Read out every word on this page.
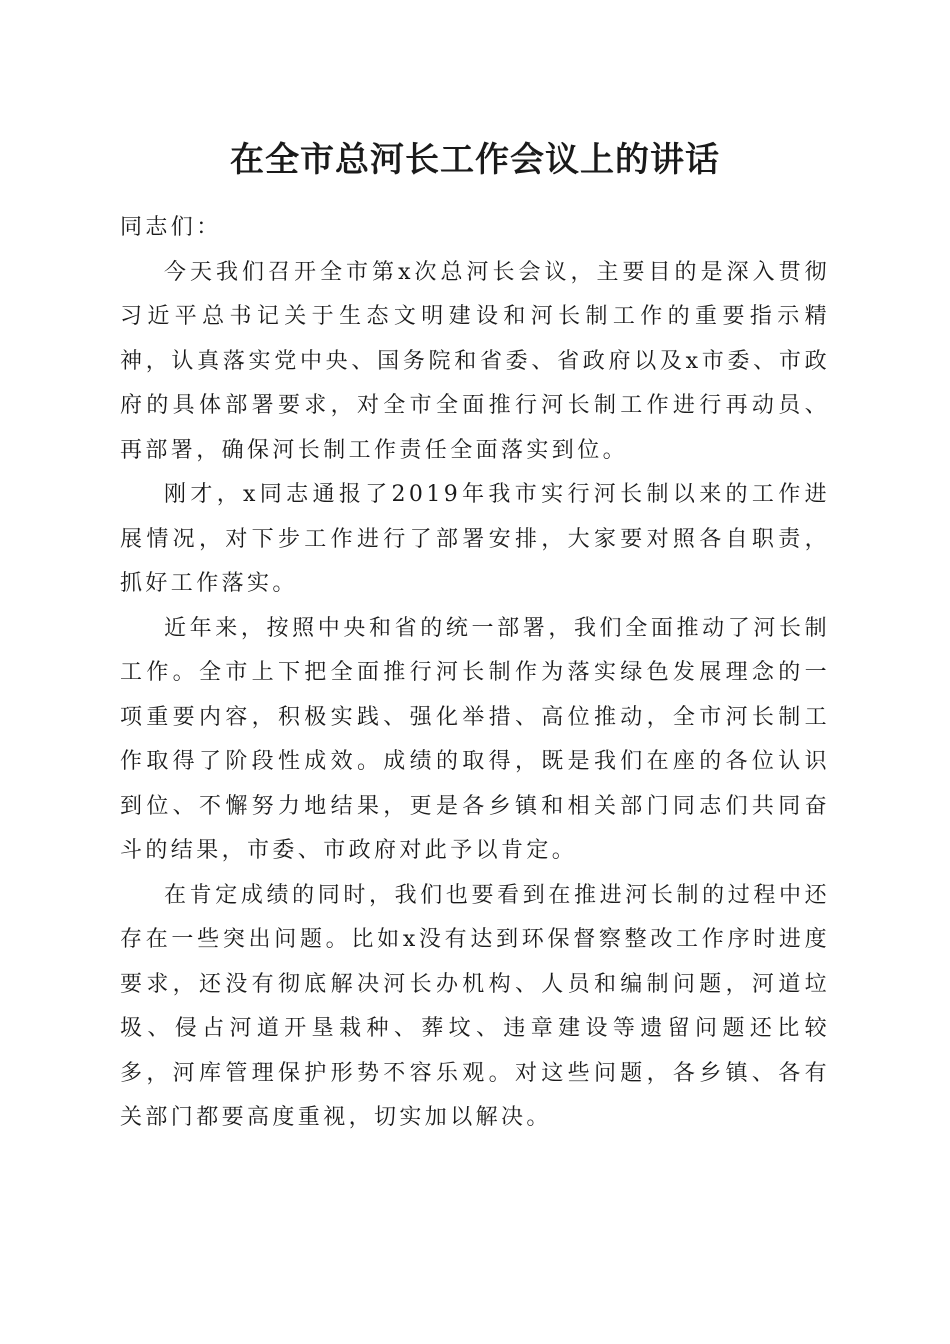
在全市总河长工作会议上的讲话

同志们：

今天我们召开全市第x次总河长会议，主要目的是深入贯彻习近平总书记关于生态文明建设和河长制工作的重要指示精神，认真落实党中央、国务院和省委、省政府以及x市委、市政府的具体部署要求，对全市全面推行河长制工作进行再动员、再部署，确保河长制工作责任全面落实到位。

刚才，x同志通报了2019年我市实行河长制以来的工作进展情况，对下步工作进行了部署安排，大家要对照各自职责，抓好工作落实。

近年来，按照中央和省的统一部署，我们全面推动了河长制工作。全市上下把全面推行河长制作为落实绿色发展理念的一项重要内容，积极实践、强化举措、高位推动，全市河长制工作取得了阶段性成效。成绩的取得，既是我们在座的各位认识到位、不懈努力地结果，更是各乡镇和相关部门同志们共同奋斗的结果，市委、市政府对此予以肯定。

在肯定成绩的同时，我们也要看到在推进河长制的过程中还存在一些突出问题。比如x没有达到环保督察整改工作序时进度要求，还没有彻底解决河长办机构、人员和编制问题，河道垃圾、侵占河道开垦栽种、葬坟、违章建设等遗留问题还比较多，河库管理保护形势不容乐观。对这些问题，各乡镇、各有关部门都要高度重视，切实加以解决。
